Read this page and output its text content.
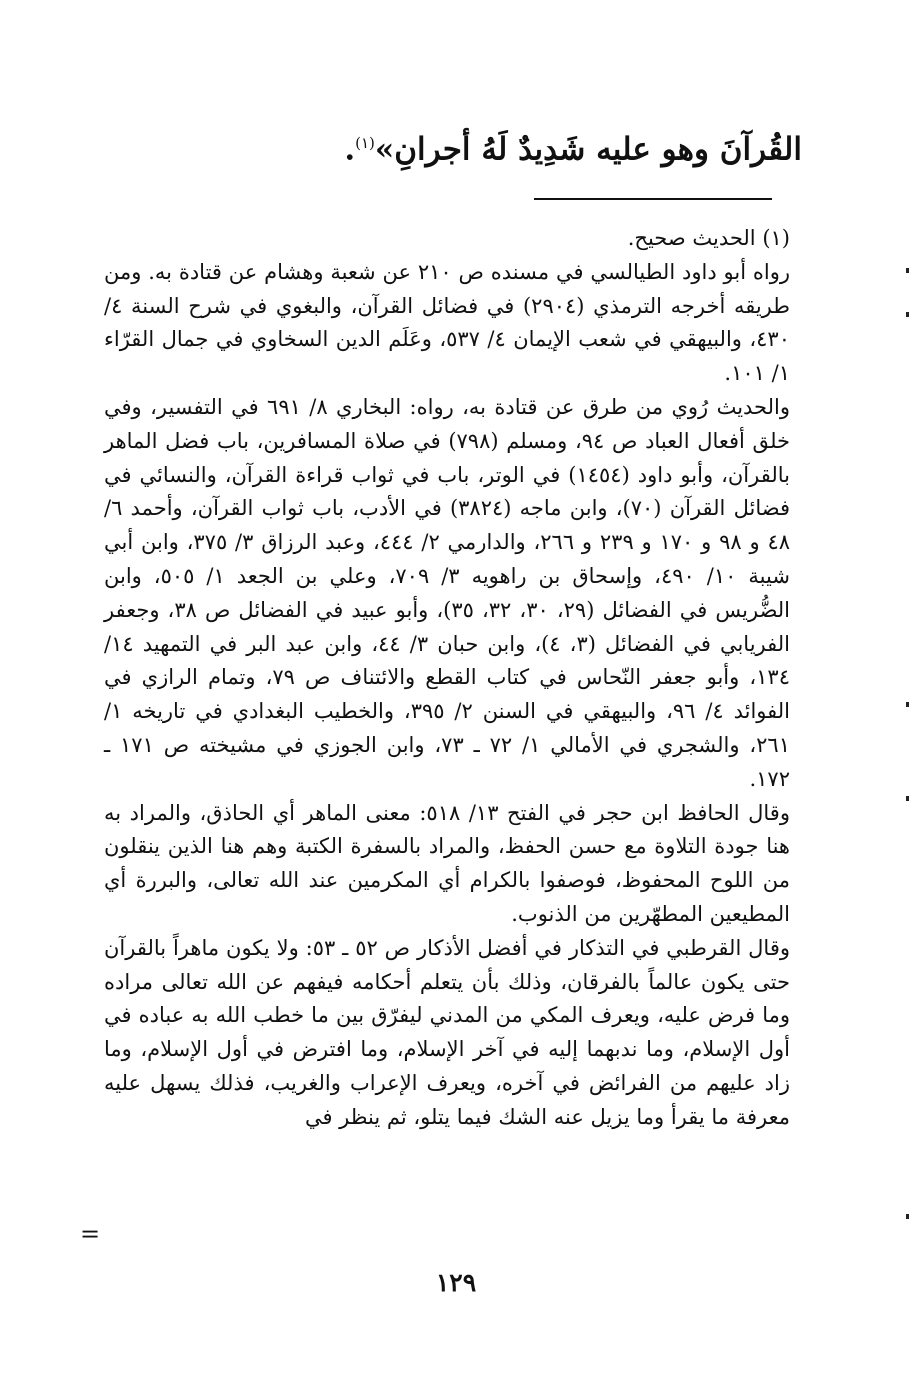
القُرآنَ وهو عليه شَدِيدٌ لَهُ أجرانِ»$^{(١)}$.

(١) الحديث صحيح.

رواه أبو داود الطيالسي في مسنده ص ٢١٠ عن شعبة وهشام عن قتادة به. ومن طريقه أخرجه الترمذي (٢٩٠٤) في فضائل القرآن، والبغوي في شرح السنة ٤/ ٤٣٠، والبيهقي في شعب الإيمان ٤/ ٥٣٧، وعَلَم الدين السخاوي في جمال القرّاء ١/ ١٠١.

والحديث رُوي من طرق عن قتادة به، رواه: البخاري ٨/ ٦٩١ في التفسير، وفي خلق أفعال العباد ص ٩٤، ومسلم (٧٩٨) في صلاة المسافرين، باب فضل الماهر بالقرآن، وأبو داود (١٤٥٤) في الوتر، باب في ثواب قراءة القرآن، والنسائي في فضائل القرآن (٧٠)، وابن ماجه (٣٨٢٤) في الأدب، باب ثواب القرآن، وأحمد ٦/ ٤٨ و ٩٨ و ١٧٠ و ٢٣٩ و ٢٦٦، والدارمي ٢/ ٤٤٤، وعبد الرزاق ٣/ ٣٧٥، وابن أبي شيبة ١٠/ ٤٩٠، وإسحاق بن راهويه ٣/ ٧٠٩، وعلي بن الجعد ١/ ٥٠٥، وابن الضُّريس في الفضائل (٢٩، ٣٠، ٣٢، ٣٥)، وأبو عبيد في الفضائل ص ٣٨، وجعفر الفريابي في الفضائل (٣، ٤)، وابن حبان ٣/ ٤٤، وابن عبد البر في التمهيد ١٤/ ١٣٤، وأبو جعفر النّحاس في كتاب القطع والائتناف ص ٧٩، وتمام الرازي في الفوائد ٤/ ٩٦، والبيهقي في السنن ٢/ ٣٩٥، والخطيب البغدادي في تاريخه ١/ ٢٦١، والشجري في الأمالي ١/ ٧٢ ـ ٧٣، وابن الجوزي في مشيخته ص ١٧١ ـ ١٧٢.

وقال الحافظ ابن حجر في الفتح ١٣/ ٥١٨: معنى الماهر أي الحاذق، والمراد به هنا جودة التلاوة مع حسن الحفظ، والمراد بالسفرة الكتبة وهم هنا الذين ينقلون من اللوح المحفوظ، فوصفوا بالكرام أي المكرمين عند الله تعالى، والبررة أي المطيعين المطهّرين من الذنوب.

وقال القرطبي في التذكار في أفضل الأذكار ص ٥٢ ـ ٥٣: ولا يكون ماهراً بالقرآن حتى يكون عالماً بالفرقان، وذلك بأن يتعلم أحكامه فيفهم عن الله تعالى مراده وما فرض عليه، ويعرف المكي من المدني ليفرّق بين ما خطب الله به عباده في أول الإسلام، وما ندبهما إليه في آخر الإسلام، وما افترض في أول الإسلام، وما زاد عليهم من الفرائض في آخره، ويعرف الإعراب والغريب، فذلك يسهل عليه معرفة ما يقرأ وما يزيل عنه الشك فيما يتلو، ثم ينظر في

=
١٢٩
